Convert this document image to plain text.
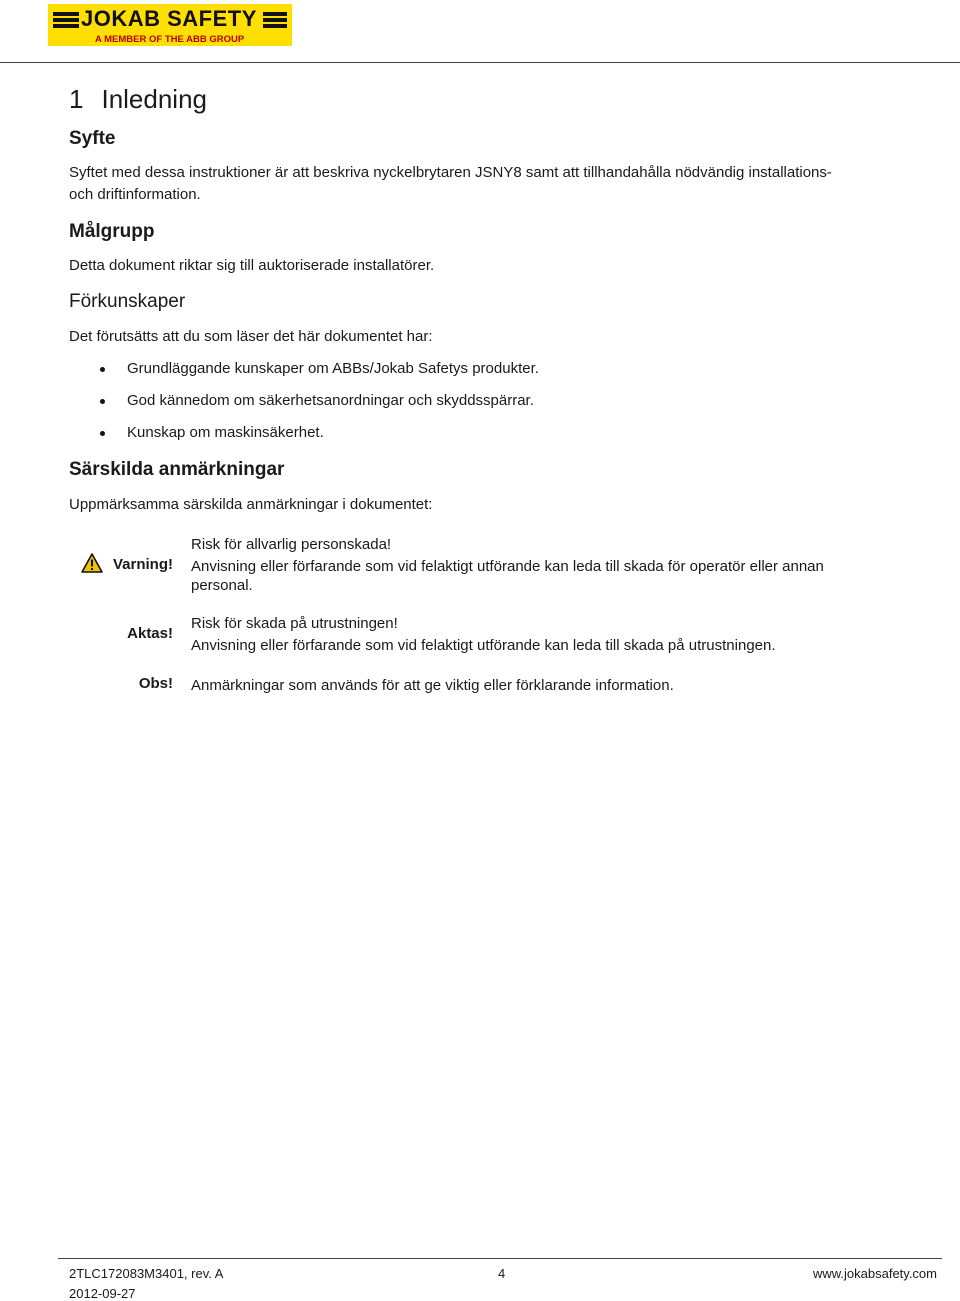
JOKAB SAFETY
A MEMBER OF THE ABB GROUP
1 Inledning
Syfte
Syftet med dessa instruktioner är att beskriva nyckelbrytaren JSNY8 samt att tillhandahålla nödvändig installations-
och driftinformation.
Målgrupp
Detta dokument riktar sig till auktoriserade installatörer.
Förkunskaper
Det förutsätts att du som läser det här dokumentet har:
Grundläggande kunskaper om ABBs/Jokab Safetys produkter.
God kännedom om säkerhetsanordningar och skyddsspärrar.
Kunskap om maskinsäkerhet.
Särskilda anmärkningar
Uppmärksamma särskilda anmärkningar i dokumentet:
Varning!
Risk för allvarlig personskada!
Anvisning eller förfarande som vid felaktigt utförande kan leda till skada för operatör eller annan
personal.
Aktas!
Risk för skada på utrustningen!
Anvisning eller förfarande som vid felaktigt utförande kan leda till skada på utrustningen.
Obs! Anmärkningar som används för att ge viktig eller förklarande information.
2TLC172083M3401, rev. A
2012-09-27
4	www.jokabsafety.com
